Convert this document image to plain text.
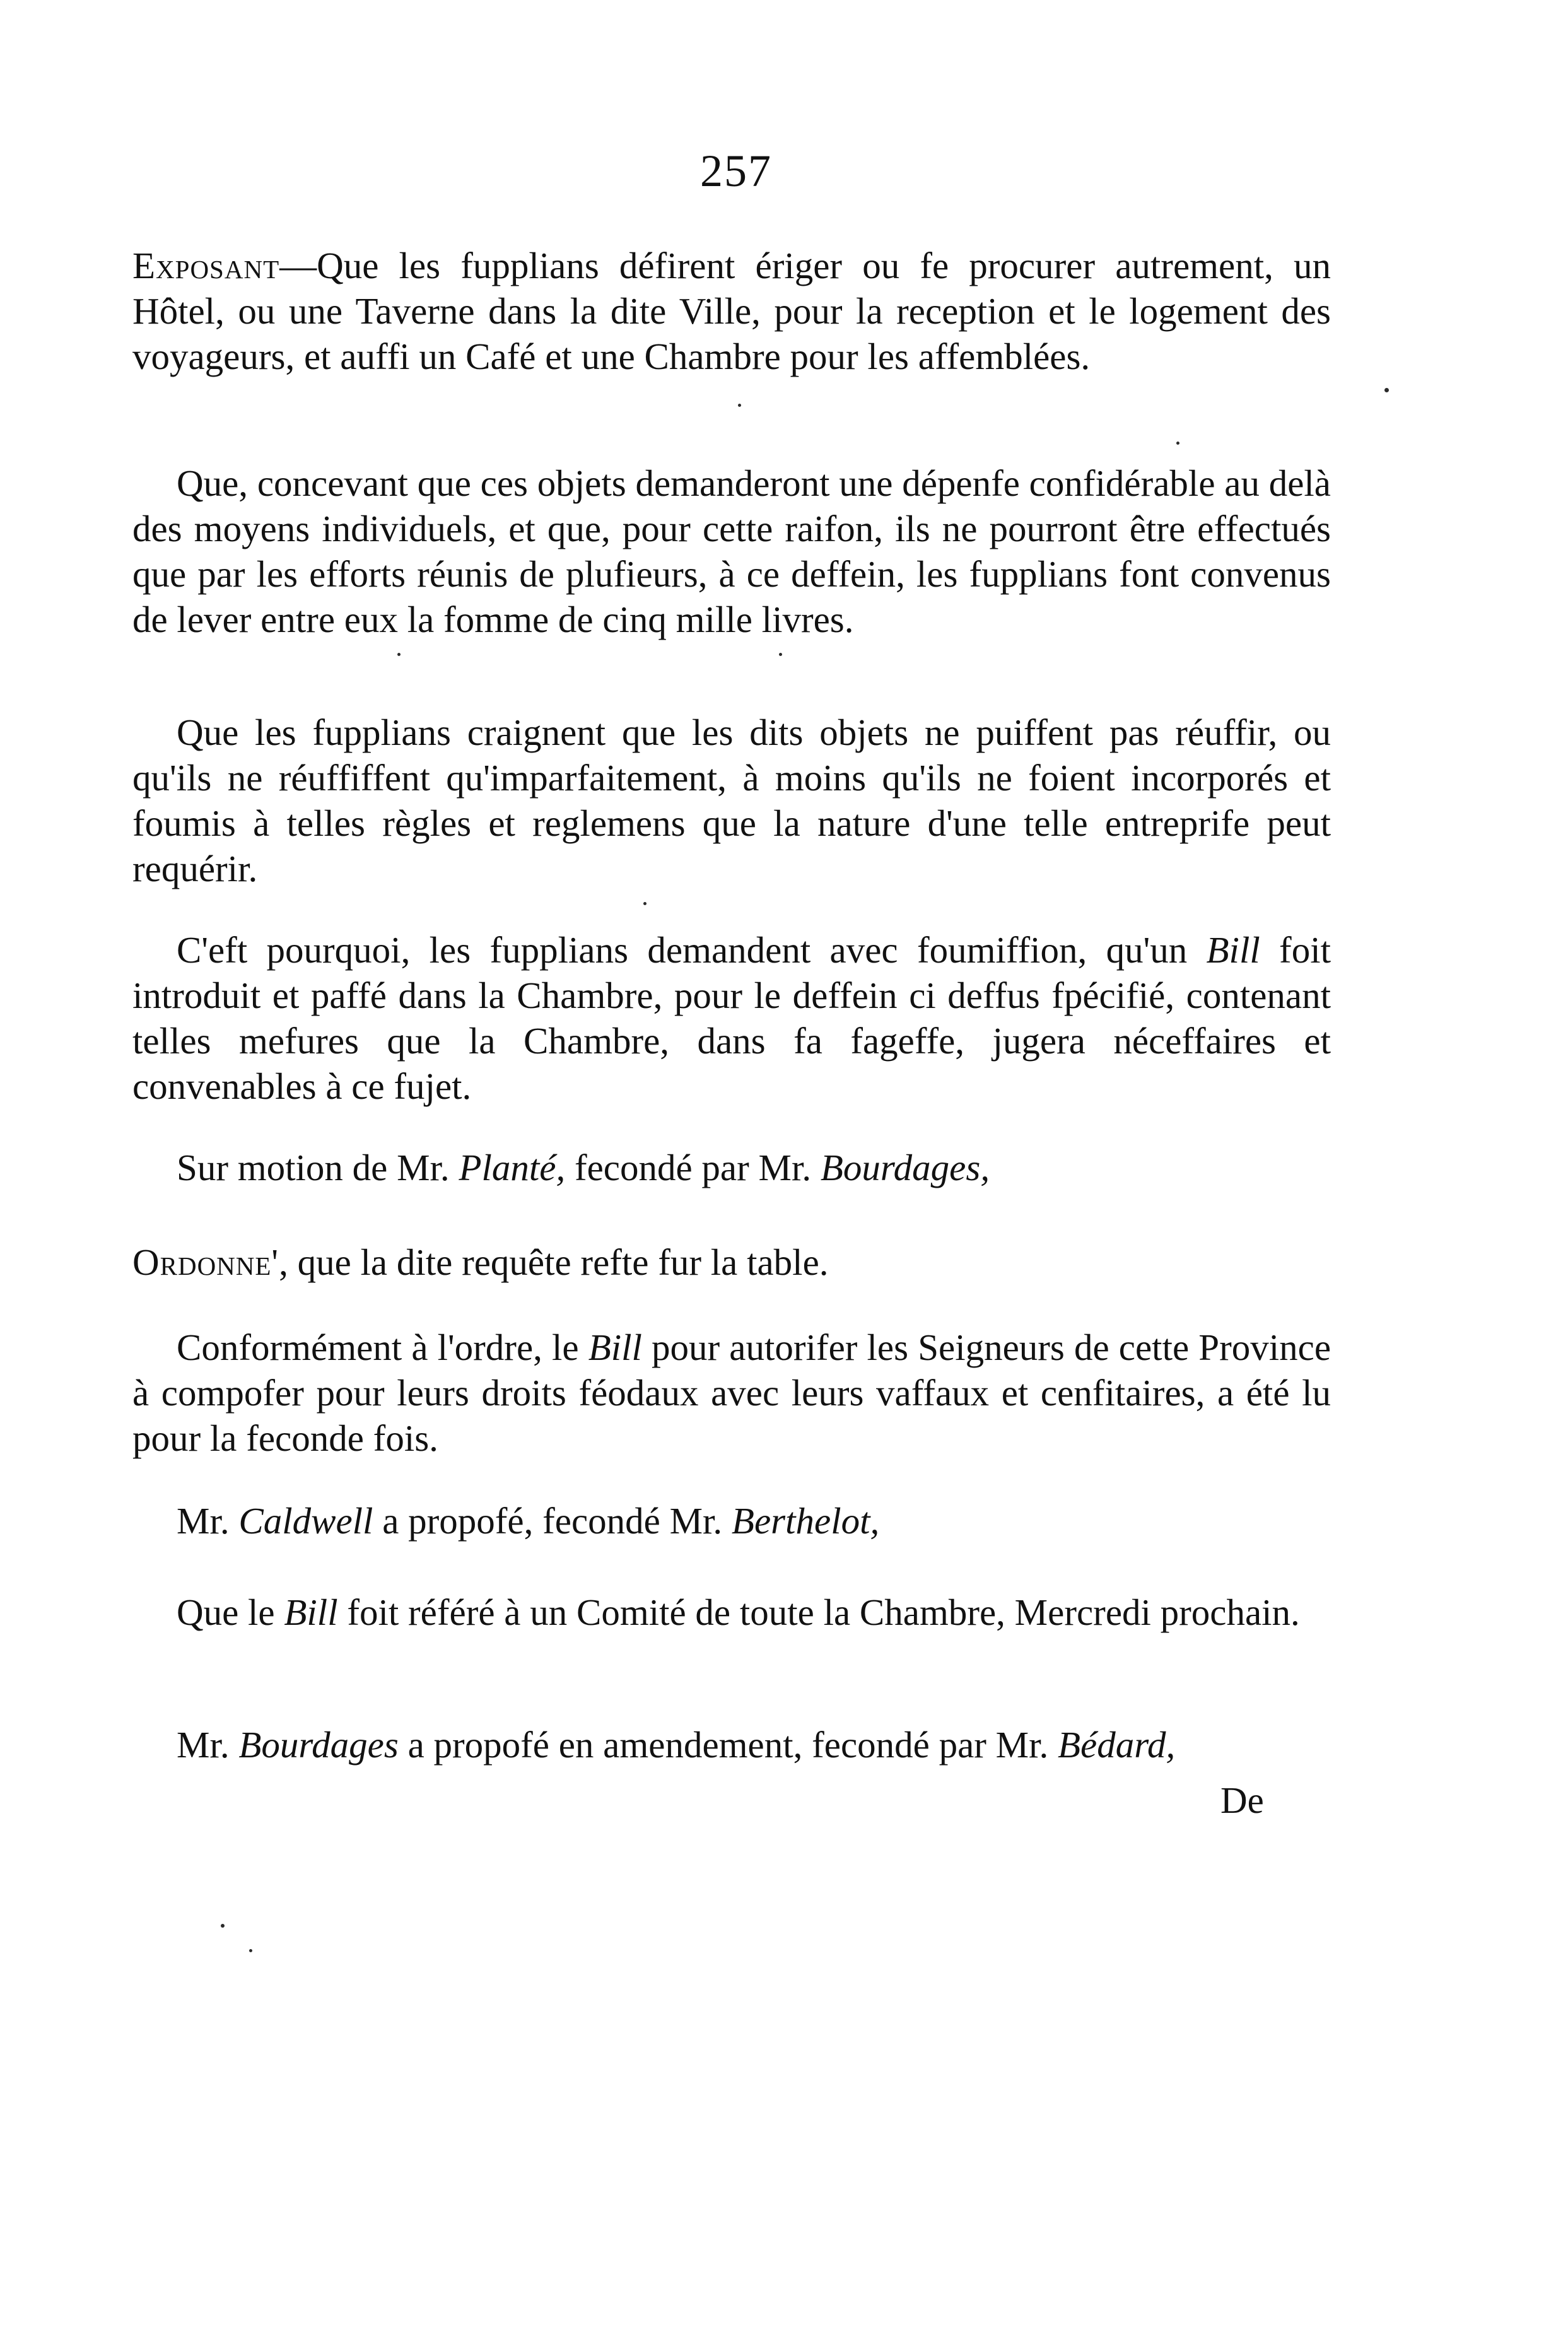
257
Exposant—Que les fupplians défirent ériger ou fe procurer autrement, un Hôtel, ou une Taverne dans la dite Ville, pour la reception et le logement des voyageurs, et auffi un Café et une Chambre pour les affemblées.
Que, concevant que ces objets demanderont une dépenfe confidérable au delà des moyens individuels, et que, pour cette raifon, ils ne pourront être effectués que par les efforts réunis de plufieurs, à ce deffein, les fupplians font convenus de lever entre eux la fomme de cinq mille livres.
Que les fupplians craignent que les dits objets ne puiffent pas réuffir, ou qu'ils ne réuffiffent qu'imparfaitement, à moins qu'ils ne foient incorporés et foumis à telles règles et reglemens que la nature d'une telle entreprife peut requérir.
C'eft pourquoi, les fupplians demandent avec foumiffion, qu'un Bill foit introduit et paffé dans la Chambre, pour le deffein ci deffus fpécifié, contenant telles mefures que la Chambre, dans fa fageffe, jugera néceffaires et convenables à ce fujet.
Sur motion de Mr. Planté, fecondé par Mr. Bourdages,
Ordonne', que la dite requête refte fur la table.
Conformément à l'ordre, le Bill pour autorifer les Seigneurs de cette Province à compofer pour leurs droits féodaux avec leurs vaffaux et cenfitaires, a été lu pour la feconde fois.
Mr. Caldwell a propofé, fecondé Mr. Berthelot,
Que le Bill foit référé à un Comité de toute la Chambre, Mercredi prochain.
Mr. Bourdages a propofé en amendement, fecondé par Mr. Bédard,
De
